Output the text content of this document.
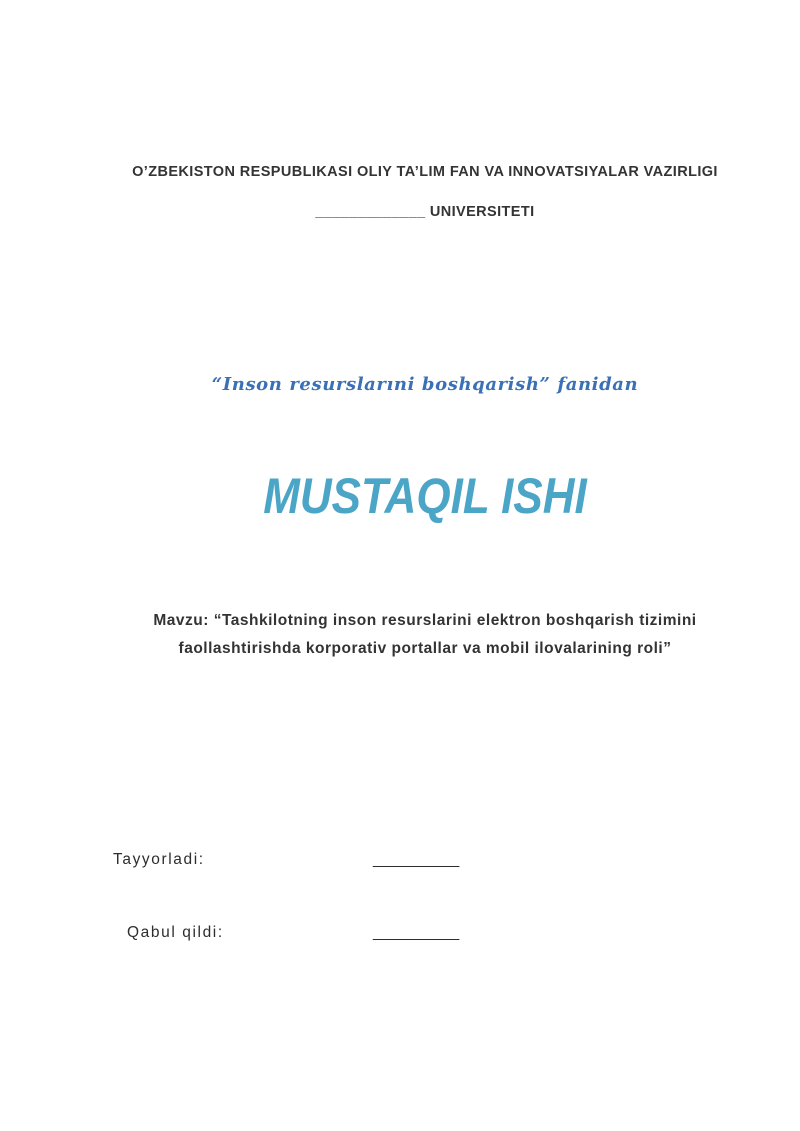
O’ZBEKISTON RESPUBLIKASI OLIY TA’LIM FAN VA INNOVATSIYALAR VAZIRLIGI
_____________ UNIVERSITETI
“Inson resurslarıni boshqarish” fanidan
MUSTAQIL ISHI
Mavzu: “Tashkilotning inson resurslarini elektron boshqarish tizimini
faollashtirishda korporativ portallar va mobil ilovalarining roli”
Tayyorladi:	__________
Qabul qildi:	__________
